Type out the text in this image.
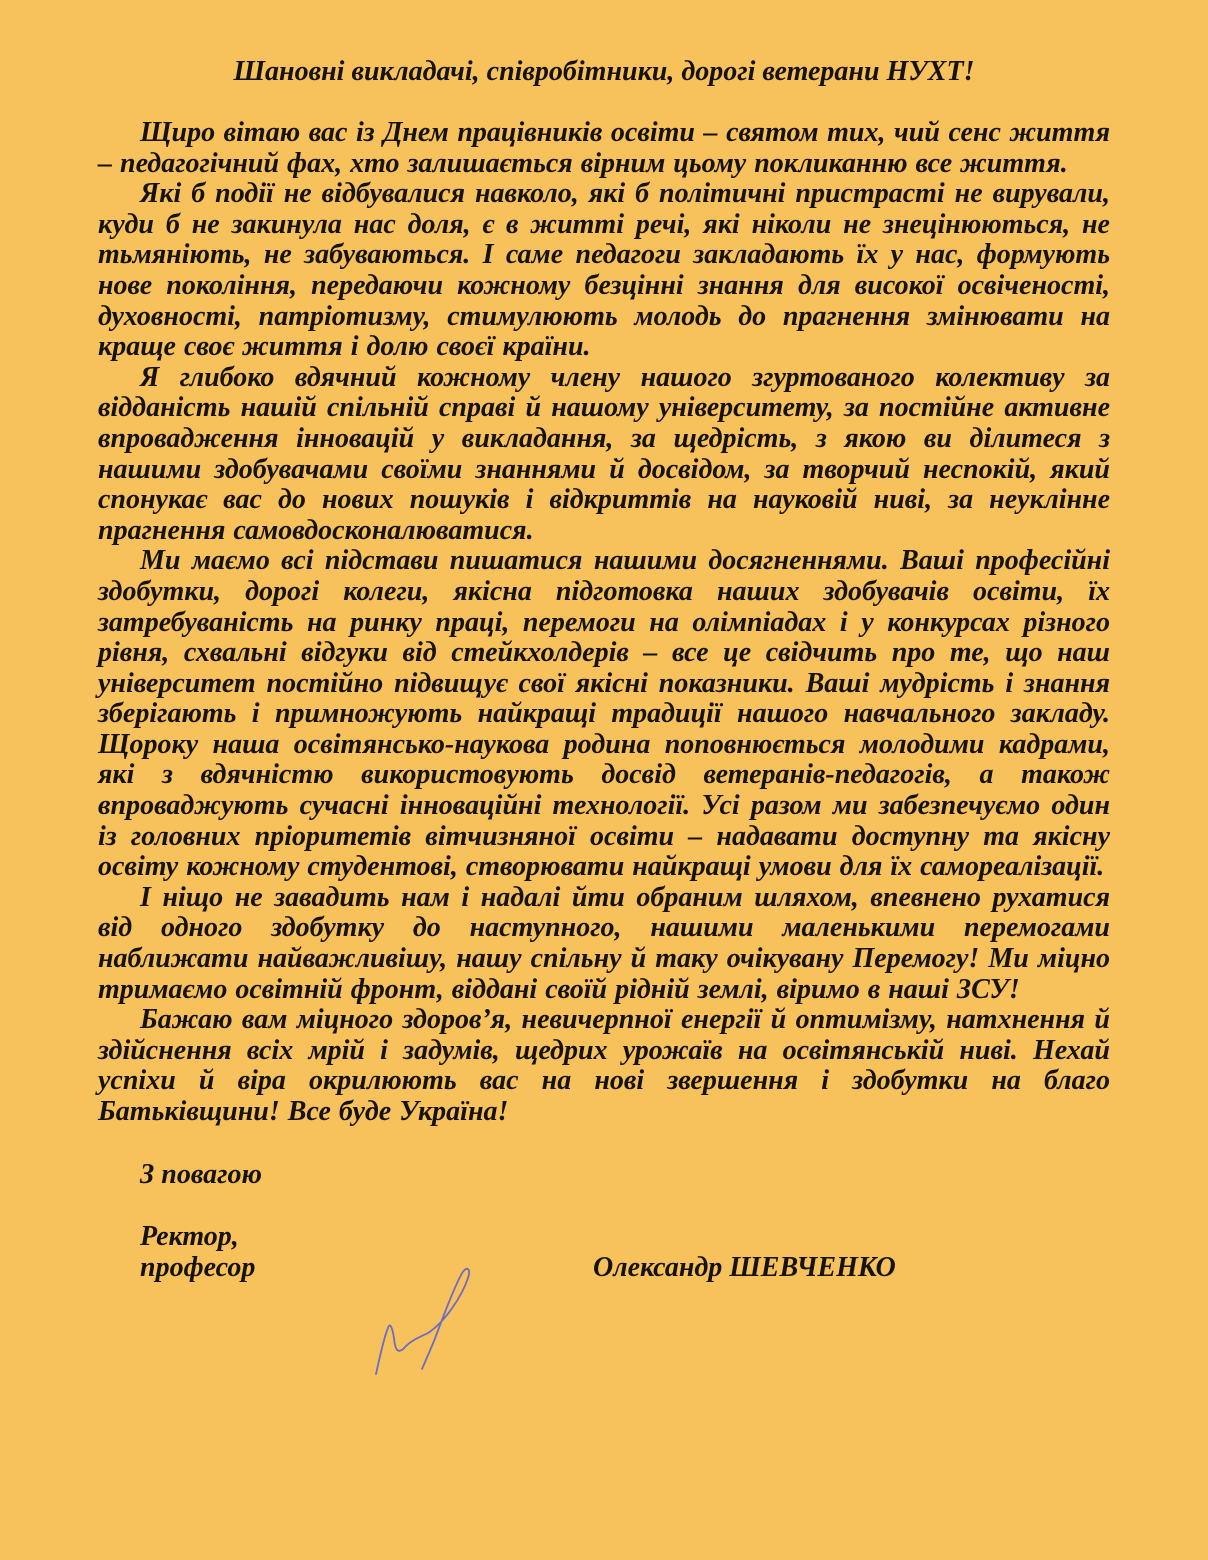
Шановні викладачі, співробітники, дорогі ветерани НУХТ!

Щиро вітаю вас із Днем працівників освіти – святом тих, чий сенс життя – педагогічний фах, хто залишається вірним цьому покликанню все життя.

Які б події не відбувалися навколо, які б політичні пристрасті не вирували, куди б не закинула нас доля, є в житті речі, які ніколи не знецінюються, не тьмяніють, не забуваються. І саме педагоги закладають їх у нас, формують нове покоління, передаючи кожному безцінні знання для високої освіченості, духовності, патріотизму, стимулюють молодь до прагнення змінювати на краще своє життя і долю своєї країни.

Я глибоко вдячний кожному члену нашого згуртованого колективу за відданість нашій спільній справі й нашому університету, за постійне активне впровадження інновацій у викладання, за щедрість, з якою ви ділитеся з нашими здобувачами своїми знаннями й досвідом, за творчий неспокій, який спонукає вас до нових пошуків і відкриттів на науковій ниві, за неуклінне прагнення самовдосконалюватися.

Ми маємо всі підстави пишатися нашими досягненнями. Ваші професійні здобутки, дорогі колеги, якісна підготовка наших здобувачів освіти, їх затребуваність на ринку праці, перемоги на олімпіадах і у конкурсах різного рівня, схвальні відгуки від стейкхолдерів – все це свідчить про те, що наш університет постійно підвищує свої якісні показники. Ваші мудрість і знання зберігають і примножують найкращі традиції нашого навчального закладу. Щороку наша освітянсько-наукова родина поповнюється молодими кадрами, які з вдячністю використовують досвід ветеранів-педагогів, а також впроваджують сучасні інноваційні технології. Усі разом ми забезпечуємо один із головних пріоритетів вітчизняної освіти – надавати доступну та якісну освіту кожному студентові, створювати найкращі умови для їх самореалізації.

І ніщо не завадить нам і надалі йти обраним шляхом, впевнено рухатися від одного здобутку до наступного, нашими маленькими перемогами наближати найважливішу, нашу спільну й таку очікувану Перемогу! Ми міцно тримаємо освітній фронт, віддані своїй рідній землі, віримо в наші ЗСУ!

Бажаю вам міцного здоров’я, невичерпної енергії й оптимізму, натхнення й здійснення всіх мрій і задумів, щедрих урожаїв на освітянській ниві. Нехай успіхи й віра окрилюють вас на нові звершення і здобутки на благо Батьківщини! Все буде Україна!

З повагою

Ректор,

професор	Олександр ШЕВЧЕНКО
